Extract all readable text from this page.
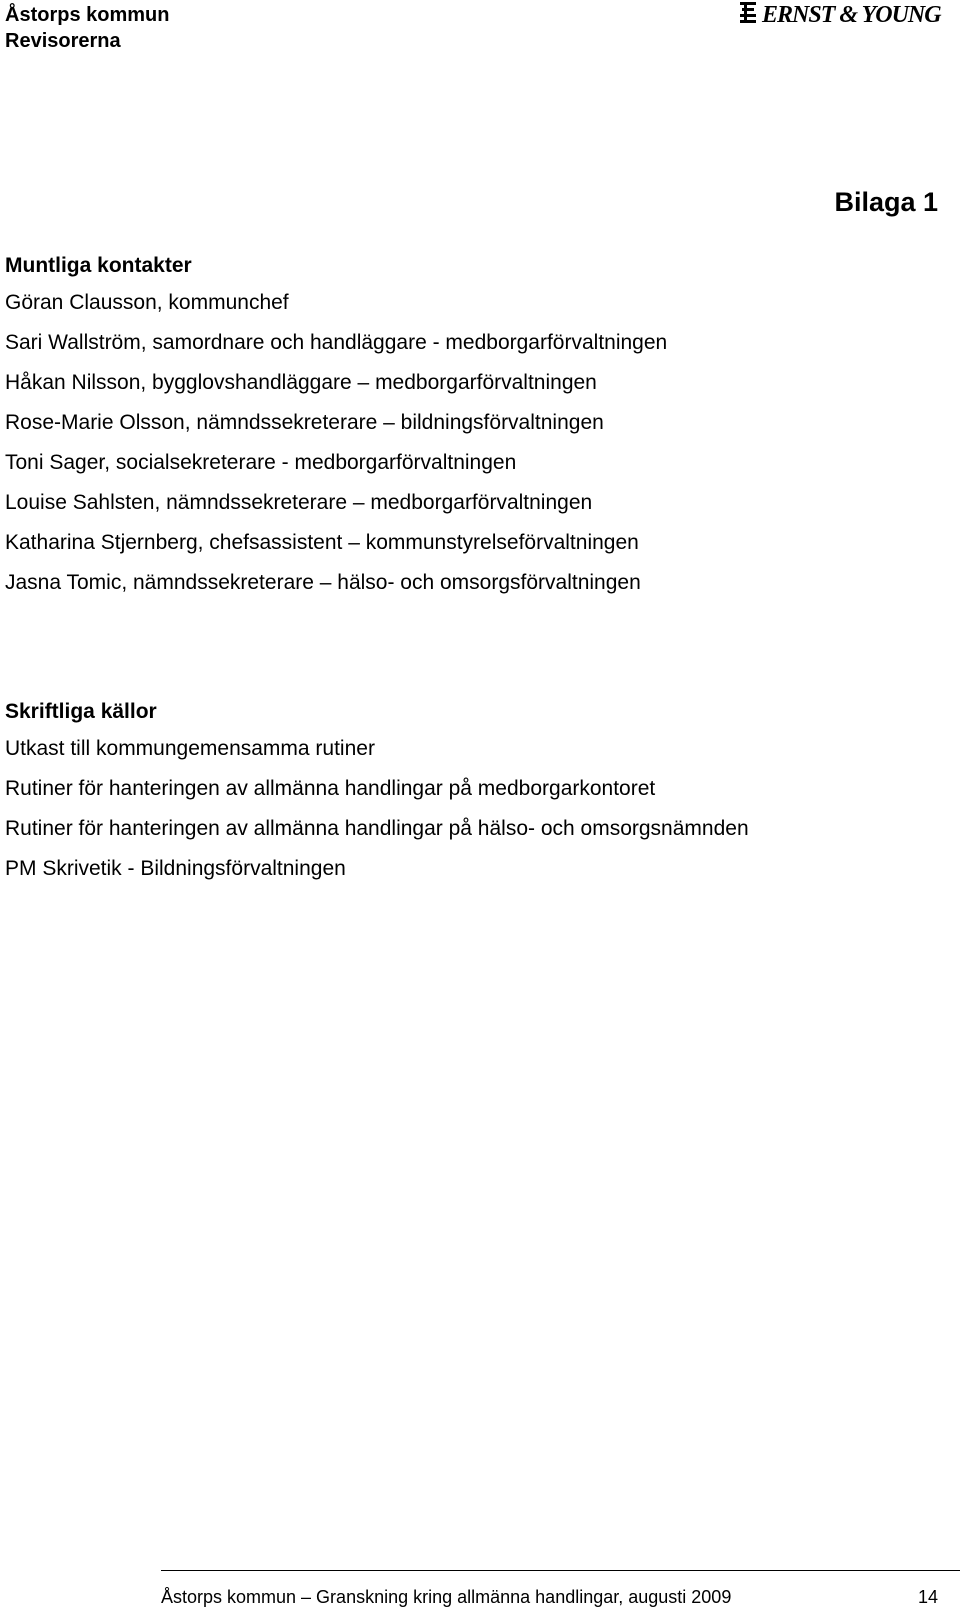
Åstorps kommun
Revisorerna
ERNST & YOUNG
Bilaga 1
Muntliga kontakter
Göran Clausson, kommunchef
Sari Wallström, samordnare och handläggare - medborgarförvaltningen
Håkan Nilsson, bygglovshandläggare – medborgarförvaltningen
Rose-Marie Olsson, nämndssekreterare – bildningsförvaltningen
Toni Sager, socialsekreterare - medborgarförvaltningen
Louise Sahlsten, nämndssekreterare – medborgarförvaltningen
Katharina Stjernberg, chefsassistent – kommunstyrelseförvaltningen
Jasna Tomic, nämndssekreterare – hälso- och omsorgsförvaltningen
Skriftliga källor
Utkast till kommungemensamma rutiner
Rutiner för hanteringen av allmänna handlingar på medborgarkontoret
Rutiner för hanteringen av allmänna handlingar på hälso- och omsorgsnämnden
PM Skrivetik - Bildningsförvaltningen
Åstorps kommun – Granskning kring allmänna handlingar, augusti 2009	14
